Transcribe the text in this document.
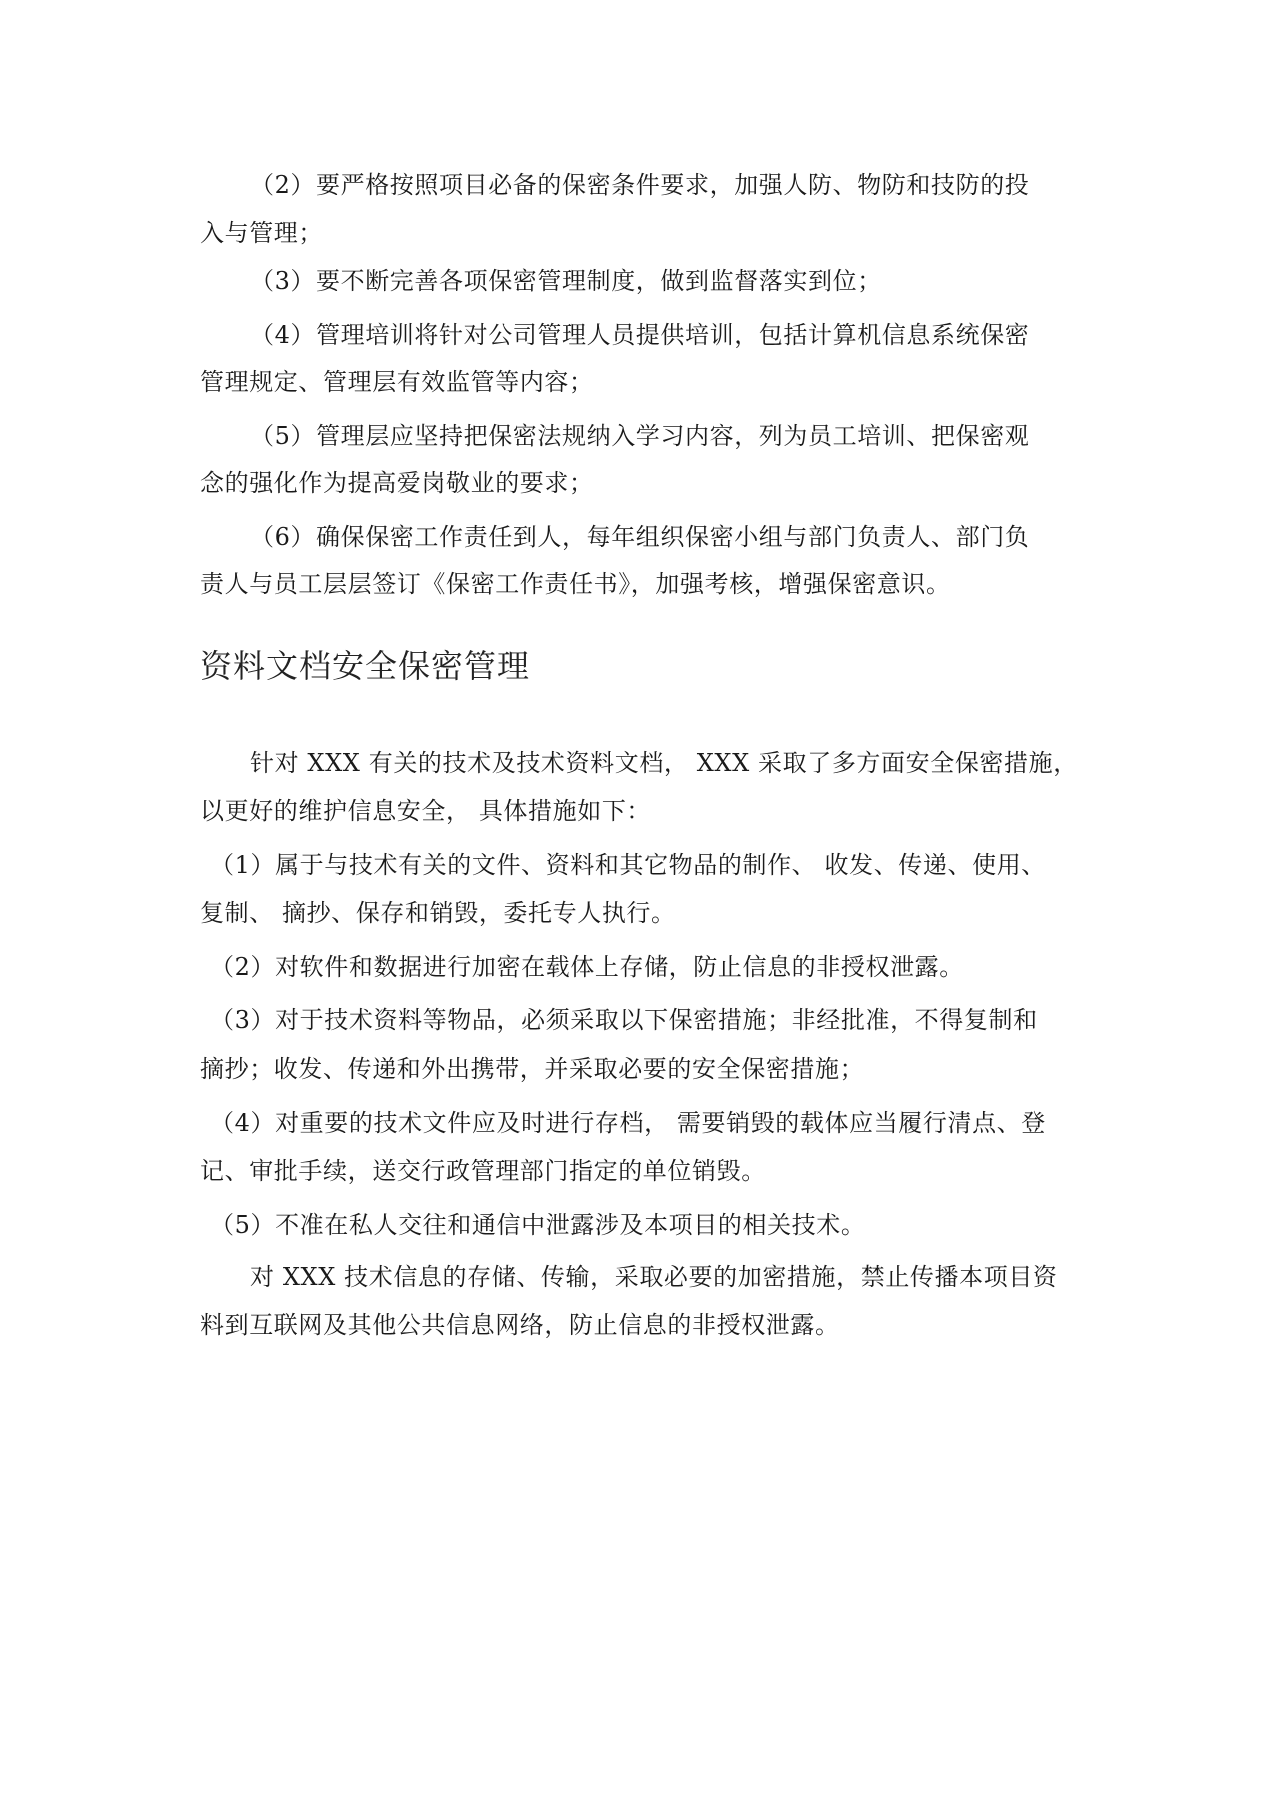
（2）要严格按照项目必备的保密条件要求，加强人防、物防和技防的投
入与管理；
（3）要不断完善各项保密管理制度，做到监督落实到位；
（4）管理培训将针对公司管理人员提供培训，包括计算机信息系统保密
管理规定、管理层有效监管等内容；
（5）管理层应坚持把保密法规纳入学习内容，列为员工培训、把保密观
念的强化作为提高爱岗敬业的要求；
（6）确保保密工作责任到人，每年组织保密小组与部门负责人、部门负
责人与员工层层签订《保密工作责任书》，加强考核，增强保密意识。
资料文档安全保密管理
针对 XXX 有关的技术及技术资料文档， XXX 采取了多方面安全保密措施，
以更好的维护信息安全， 具体措施如下：
（1）属于与技术有关的文件、资料和其它物品的制作、 收发、传递、使用、
复制、 摘抄、保存和销毁，委托专人执行。
（2）对软件和数据进行加密在载体上存储，防止信息的非授权泄露。
（3）对于技术资料等物品，必须采取以下保密措施；非经批准，不得复制和
摘抄；收发、传递和外出携带，并采取必要的安全保密措施；
（4）对重要的技术文件应及时进行存档， 需要销毁的载体应当履行清点、登
记、审批手续，送交行政管理部门指定的单位销毁。
（5）不准在私人交往和通信中泄露涉及本项目的相关技术。
对 XXX 技术信息的存储、传输，采取必要的加密措施，禁止传播本项目资
料到互联网及其他公共信息网络，防止信息的非授权泄露。
